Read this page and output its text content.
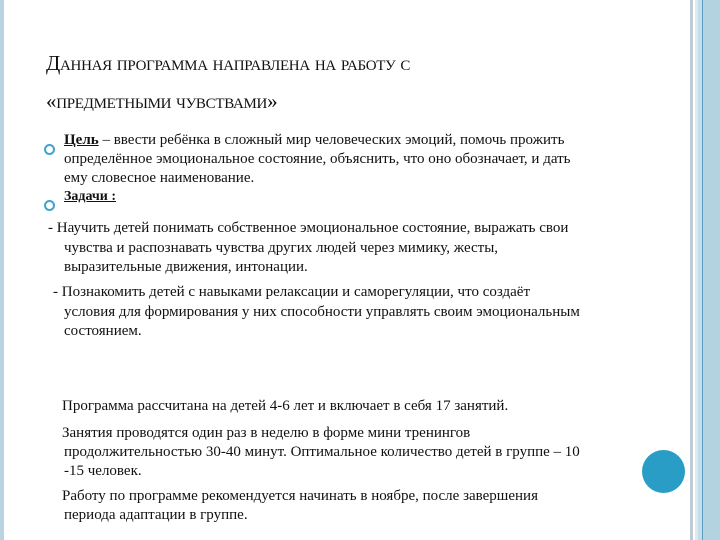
Данная программа направлена на работу с
«предметными чувствами»
Цель – ввести ребёнка в сложный мир человеческих эмоций, помочь прожить
определённое эмоциональное состояние, объяснить, что оно обозначает, и дать
ему словесное наименование.
Задачи :
- Научить детей понимать собственное эмоциональное состояние, выражать свои
чувства и распознавать чувства других людей через мимику, жесты,
выразительные движения, интонации.
- Познакомить детей с навыками релаксации и саморегуляции, что создаёт
условия для формирования у них способности управлять своим эмоциональным
состоянием.
Программа рассчитана на детей 4-6 лет и включает в себя 17 занятий.
Занятия проводятся один раз в неделю в форме мини тренингов
продолжительностью 30-40 минут. Оптимальное количество детей в группе – 10
-15 человек.
Работу по программе рекомендуется начинать в ноябре, после завершения
периода адаптации в группе.
